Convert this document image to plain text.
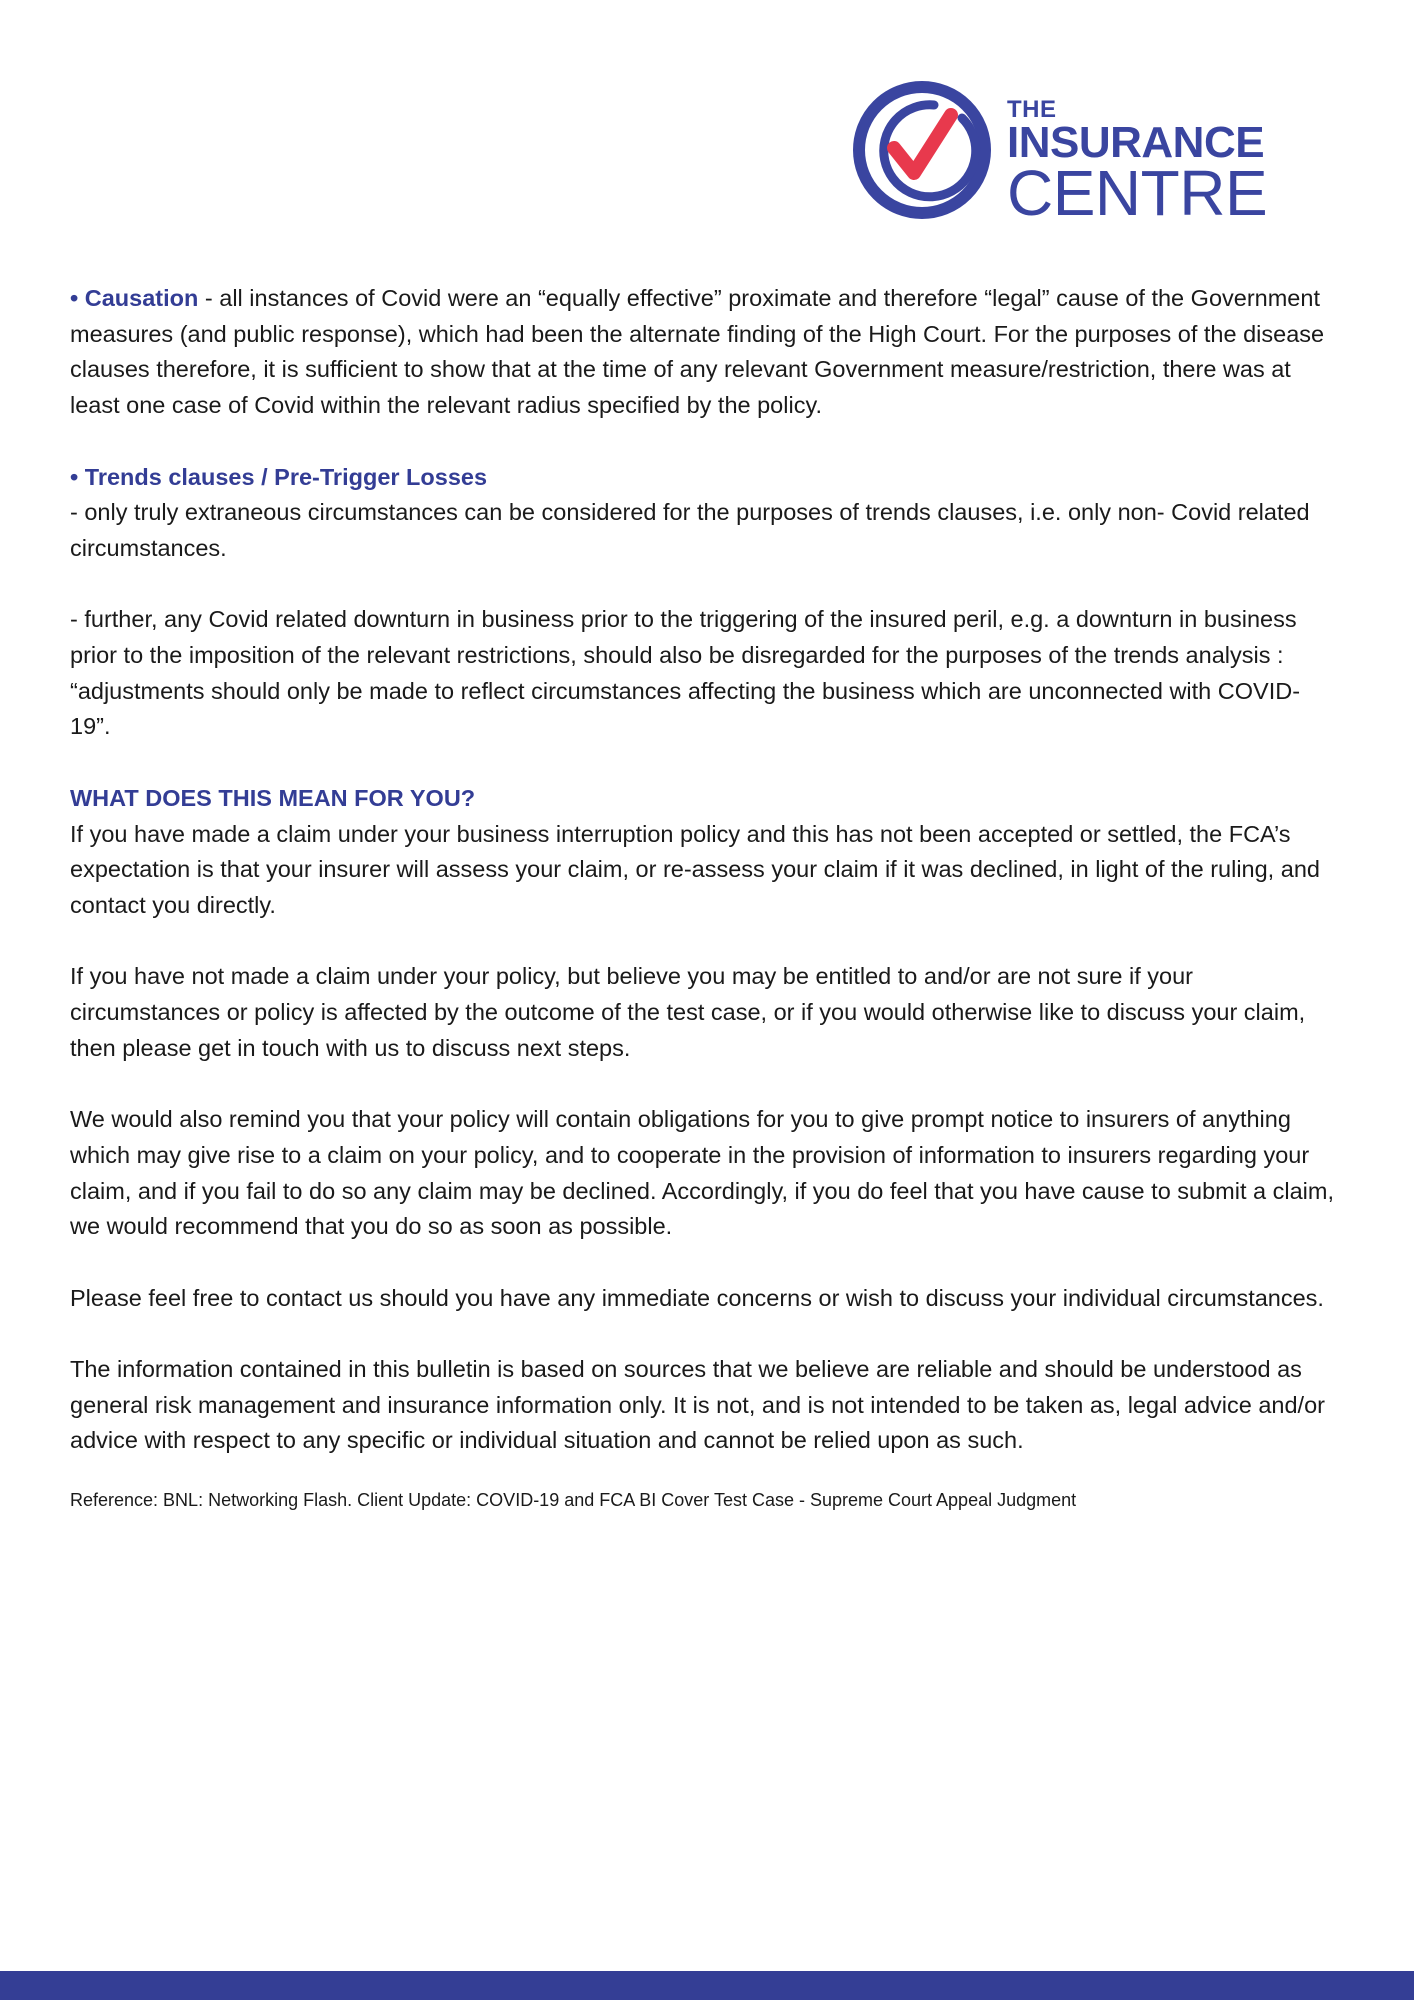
THE
INSURANCE
CENTRE

• Causation - all instances of Covid were an “equally effective” proximate and therefore “legal” cause of the Government measures (and public response), which had been the alternate finding of the High Court. For the purposes of the disease clauses therefore, it is sufficient to show that at the time of any relevant Government measure/restriction, there was at least one case of Covid within the relevant radius specified by the policy.

• Trends clauses / Pre-Trigger Losses
- only truly extraneous circumstances can be considered for the purposes of trends clauses, i.e. only non- Covid related circumstances.

- further, any Covid related downturn in business prior to the triggering of the insured peril, e.g. a downturn in business prior to the imposition of the relevant restrictions, should also be disregarded for the purposes of the trends analysis : “adjustments should only be made to reflect circumstances affecting the business which are unconnected with COVID-19”.

WHAT DOES THIS MEAN FOR YOU?
If you have made a claim under your business interruption policy and this has not been accepted or settled, the FCA’s expectation is that your insurer will assess your claim, or re-assess your claim if it was declined, in light of the ruling, and contact you directly.

If you have not made a claim under your policy, but believe you may be entitled to and/or are not sure if your circumstances or policy is affected by the outcome of the test case, or if you would otherwise like to discuss your claim, then please get in touch with us to discuss next steps.

We would also remind you that your policy will contain obligations for you to give prompt notice to insurers of anything which may give rise to a claim on your policy, and to cooperate in the provision of information to insurers regarding your claim, and if you fail to do so any claim may be declined. Accordingly, if you do feel that you have cause to submit a claim, we would recommend that you do so as soon as possible.

Please feel free to contact us should you have any immediate concerns or wish to discuss your individual circumstances.

The information contained in this bulletin is based on sources that we believe are reliable and should be understood as general risk management and insurance information only. It is not, and is not intended to be taken as, legal advice and/or advice with respect to any specific or individual situation and cannot be relied upon as such.

Reference: BNL: Networking Flash. Client Update: COVID-19 and FCA BI Cover Test Case - Supreme Court Appeal Judgment
